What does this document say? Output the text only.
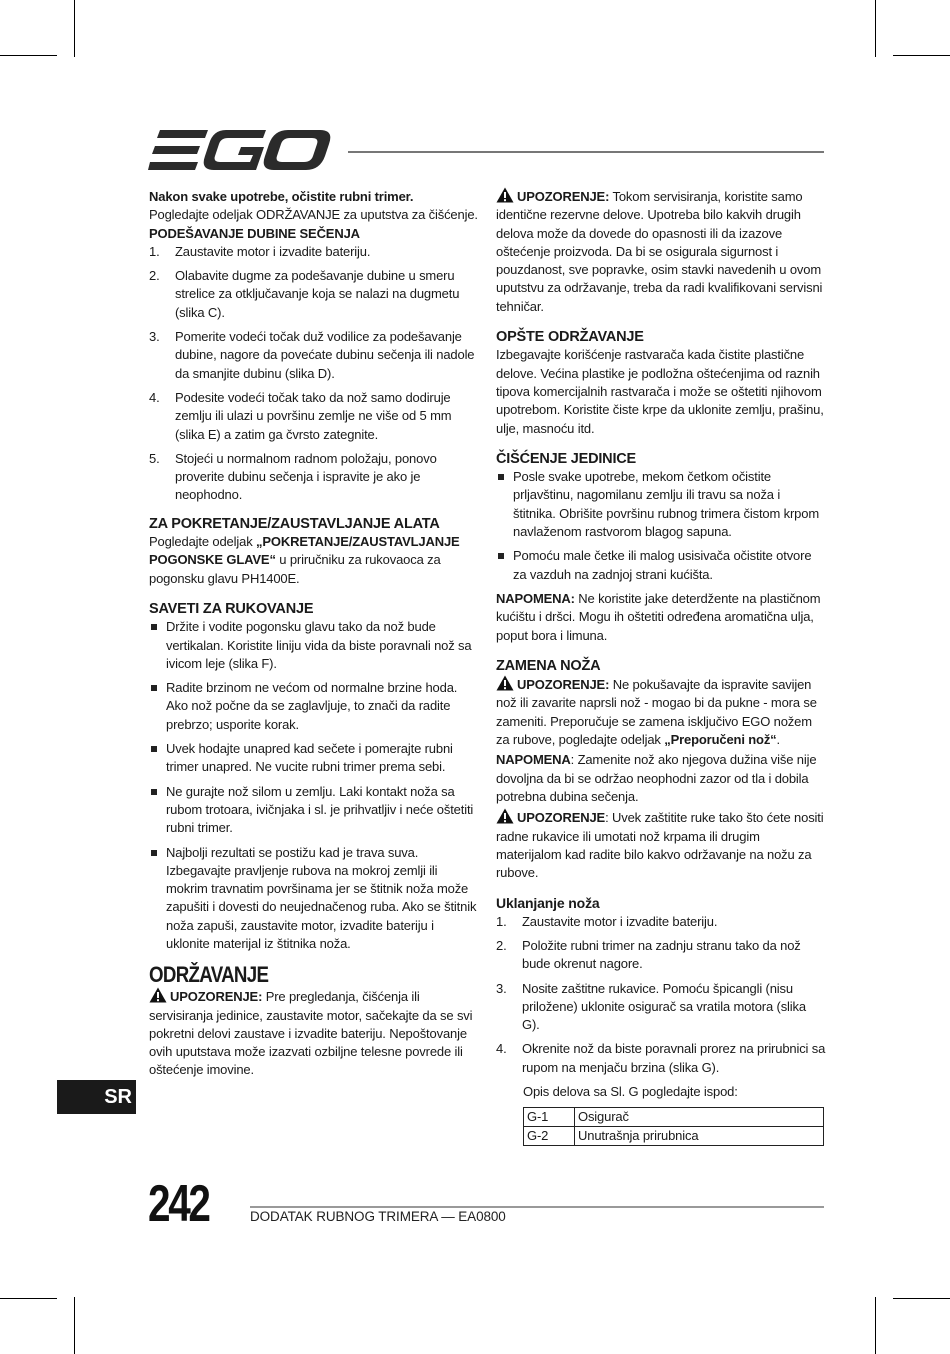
Nakon svake upotrebe, očistite rubni trimer.

Pogledajte odeljak ODRŽAVANJE za uputstva za čišćenje.

PODEŠAVANJE DUBINE SEČENJA

1. Zaustavite motor i izvadite bateriju.
2. Olabavite dugme za podešavanje dubine u smeru strelice za otključavanje koja se nalazi na dugmetu (slika C).
3. Pomerite vodeći točak duž vodilice za podešavanje dubine, nagore da povećate dubinu sečenja ili nadole da smanjite dubinu (slika D).
4. Podesite vodeći točak tako da nož samo dodiruje zemlju ili ulazi u površinu zemlje ne više od 5 mm (slika E) a zatim ga čvrsto zategnite.
5. Stojeći u normalnom radnom položaju, ponovo proverite dubinu sečenja i ispravite je ako je neophodno.

ZA POKRETANJE/ZAUSTAVLJANJE ALATA

Pogledajte odeljak „POKRETANJE/ZAUSTAVLJANJE POGONSKE GLAVE“ u priručniku za rukovaoca za pogonsku glavu PH1400E.

SAVETI ZA RUKOVANJE

Držite i vodite pogonsku glavu tako da nož bude vertikalan. Koristite liniju vida da biste poravnali nož sa ivicom leje (slika F).
Radite brzinom ne većom od normalne brzine hoda. Ako nož počne da se zaglavljuje, to znači da radite prebrzo; usporite korak.
Uvek hodajte unapred kad sečete i pomerajte rubni trimer unapred. Ne vucite rubni trimer prema sebi.
Ne gurajte nož silom u zemlju. Laki kontakt noža sa rubom trotoara, ivičnjaka i sl. je prihvatljiv i neće oštetiti rubni trimer.
Najbolji rezultati se postižu kad je trava suva. Izbegavajte pravljenje rubova na mokroj zemlji ili mokrim travnatim površinama jer se štitnik noža može zapušiti i dovesti do neujednačenog ruba. Ako se štitnik noža zapuši, zaustavite motor, izvadite bateriju i uklonite materijal iz štitnika noža.

ODRŽAVANJE

UPOZORENJE: Pre pregledanja, čišćenja ili servisiranja jedinice, zaustavite motor, sačekajte da se svi pokretni delovi zaustave i izvadite bateriju. Nepoštovanje ovih uputstava može izazvati ozbiljne telesne povrede ili oštećenje imovine.

UPOZORENJE: Tokom servisiranja, koristite samo identične rezervne delove. Upotreba bilo kakvih drugih delova može da dovede do opasnosti ili da izazove oštećenje proizvoda. Da bi se osigurala sigurnost i pouzdanost, sve popravke, osim stavki navedenih u ovom uputstvu za održavanje, treba da radi kvalifikovani servisni tehničar.

OPŠTE ODRŽAVANJE

Izbegavajte korišćenje rastvarača kada čistite plastične delove. Većina plastike je podložna oštećenjima od raznih tipova komercijalnih rastvarača i može se oštetiti njihovom upotrebom. Koristite čiste krpe da uklonite zemlju, prašinu, ulje, masnoću itd.

ČIŠĆENJE JEDINICE

Posle svake upotrebe, mekom četkom očistite prljavštinu, nagomilanu zemlju ili travu sa noža i štitnika. Obrišite površinu rubnog trimera čistom krpom navlaženom rastvorom blagog sapuna.
Pomoću male četke ili malog usisivača očistite otvore za vazduh na zadnjoj strani kućišta.

NAPOMENA: Ne koristite jake deterdžente na plastičnom kućištu i dršci. Mogu ih oštetiti određena aromatična ulja, poput bora i limuna.

ZAMENA NOŽA

UPOZORENJE: Ne pokušavajte da ispravite savijen nož ili zavarite naprsli nož - mogao bi da pukne - mora se zameniti. Preporučuje se zamena isključivo EGO nožem za rubove, pogledajte odeljak „Preporučeni nož“.

NAPOMENA: Zamenite nož ako njegova dužina više nije dovoljna da bi se održao neophodni zazor od tla i dobila potrebna dubina sečenja.

UPOZORENJE: Uvek zaštitite ruke tako što ćete nositi radne rukavice ili umotati nož krpama ili drugim materijalom kad radite bilo kakvo održavanje na nožu za rubove.

Uklanjanje noža

1. Zaustavite motor i izvadite bateriju.
2. Položite rubni trimer na zadnju stranu tako da nož bude okrenut nagore.
3. Nosite zaštitne rukavice. Pomoću špicangli (nisu priložene) uklonite osigurač sa vratila motora (slika G).
4. Okrenite nož da biste poravnali prorez na prirubnici sa rupom na menjaču brzina (slika G).

Opis delova sa Sl. G pogledajte ispod:

G-1	Osigurač
G-2	Unutrašnja prirubnica
SR
242	DODATAK RUBNOG TRIMERA — EA0800
